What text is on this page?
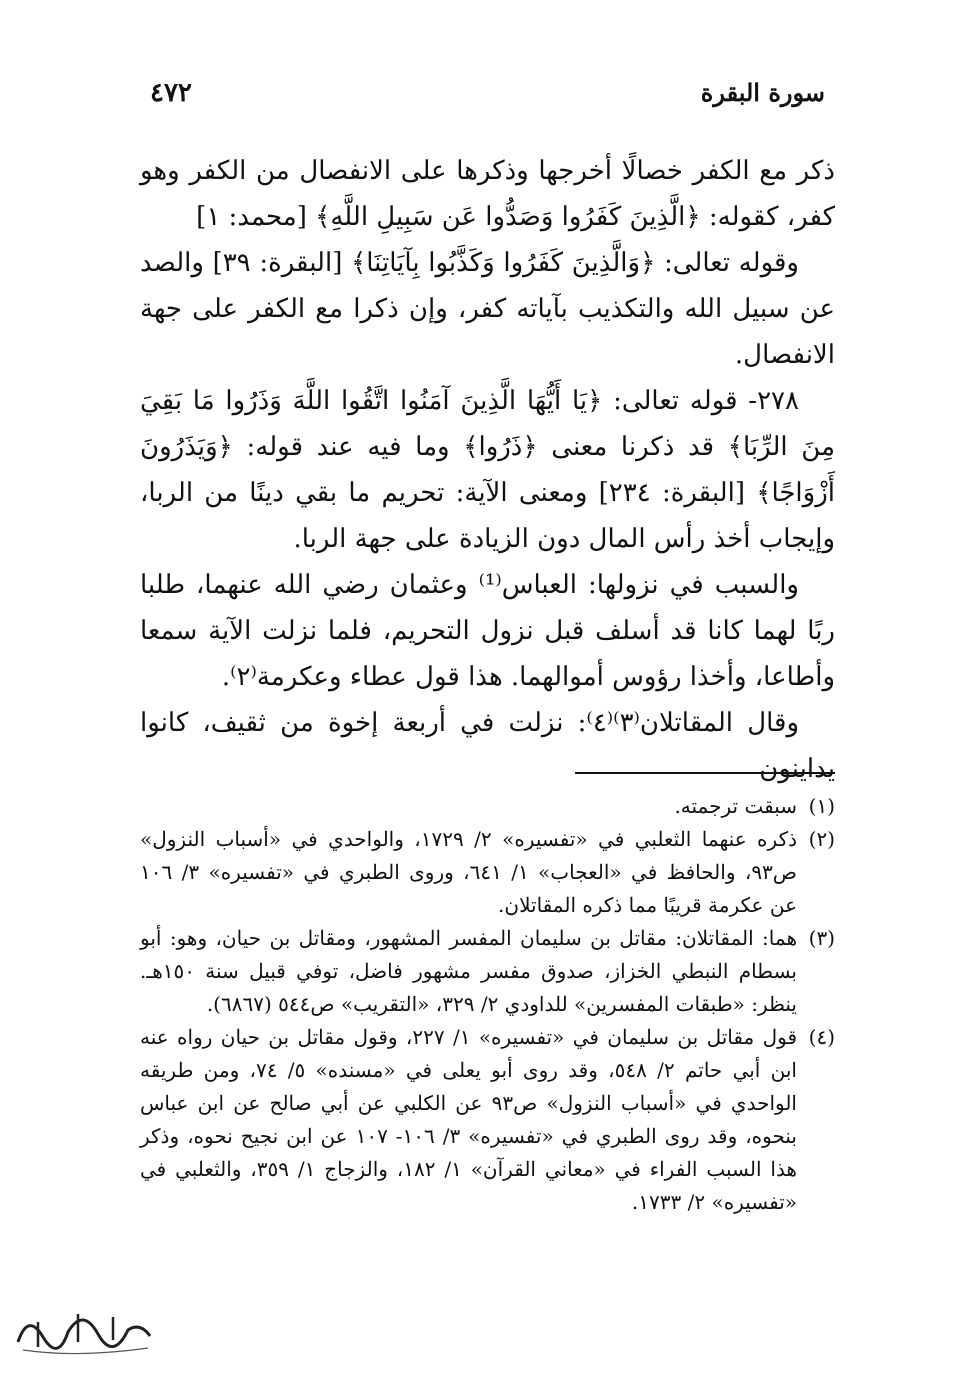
٤٧٢	سورة البقرة

ذكر مع الكفر خصالًا أخرجها وذكرها على الانفصال من الكفر وهو كفر، كقوله: ﴿الَّذِينَ كَفَرُوا وَصَدُّوا عَن سَبِيلِ اللَّهِ﴾ [محمد: ١]

وقوله تعالى: ﴿وَالَّذِينَ كَفَرُوا وَكَذَّبُوا بِآيَاتِنَا﴾ [البقرة: ٣٩] والصد عن سبيل الله والتكذيب بآياته كفر، وإن ذكرا مع الكفر على جهة الانفصال.

٢٧٨- قوله تعالى: ﴿يَا أَيُّهَا الَّذِينَ آمَنُوا اتَّقُوا اللَّهَ وَذَرُوا مَا بَقِيَ مِنَ الرِّبَا﴾ قد ذكرنا معنى ﴿ذَرُوا﴾ وما فيه عند قوله: ﴿وَيَذَرُونَ أَزْوَاجًا﴾ [البقرة: ٢٣٤] ومعنى الآية: تحريم ما بقي دينًا من الربا، وإيجاب أخذ رأس المال دون الزيادة على جهة الربا.

والسبب في نزولها: العباس⁽¹⁾ وعثمان رضي الله عنهما، طلبا ربًا لهما كانا قد أسلف قبل نزول التحريم، فلما نزلت الآية سمعا وأطاعا، وأخذا رؤوس أموالهما. هذا قول عطاء وعكرمة⁽٢⁾.

وقال المقاتلان⁽٣⁾⁽٤⁾: نزلت في أربعة إخوة من ثقيف، كانوا يداينون

(١)
سبقت ترجمته.
(٢)
ذكره عنهما الثعلبي في «تفسيره» ٢/ ١٧٢٩، والواحدي في «أسباب النزول» ص٩٣، والحافظ في «العجاب» ١/ ٦٤١، وروى الطبري في «تفسيره» ٣/ ١٠٦ عن عكرمة قريبًا مما ذكره المقاتلان.
(٣)
هما: المقاتلان: مقاتل بن سليمان المفسر المشهور، ومقاتل بن حيان، وهو: أبو بسطام النبطي الخزاز، صدوق مفسر مشهور فاضل، توفي قبيل سنة ١٥٠هـ. ينظر: «طبقات المفسرين» للداودي ٢/ ٣٢٩، «التقريب» ص٥٤٤ (٦٨٦٧).
(٤)
قول مقاتل بن سليمان في «تفسيره» ١/ ٢٢٧، وقول مقاتل بن حيان رواه عنه ابن أبي حاتم ٢/ ٥٤٨، وقد روى أبو يعلى في «مسنده» ٥/ ٧٤، ومن طريقه الواحدي في «أسباب النزول» ص٩٣ عن الكلبي عن أبي صالح عن ابن عباس بنحوه، وقد روى الطبري في «تفسيره» ٣/ ١٠٦- ١٠٧ عن ابن نجيح نحوه، وذكر هذا السبب الفراء في «معاني القرآن» ١/ ١٨٢، والزجاج ١/ ٣٥٩، والثعلبي في «تفسيره» ٢/ ١٧٣٣.
